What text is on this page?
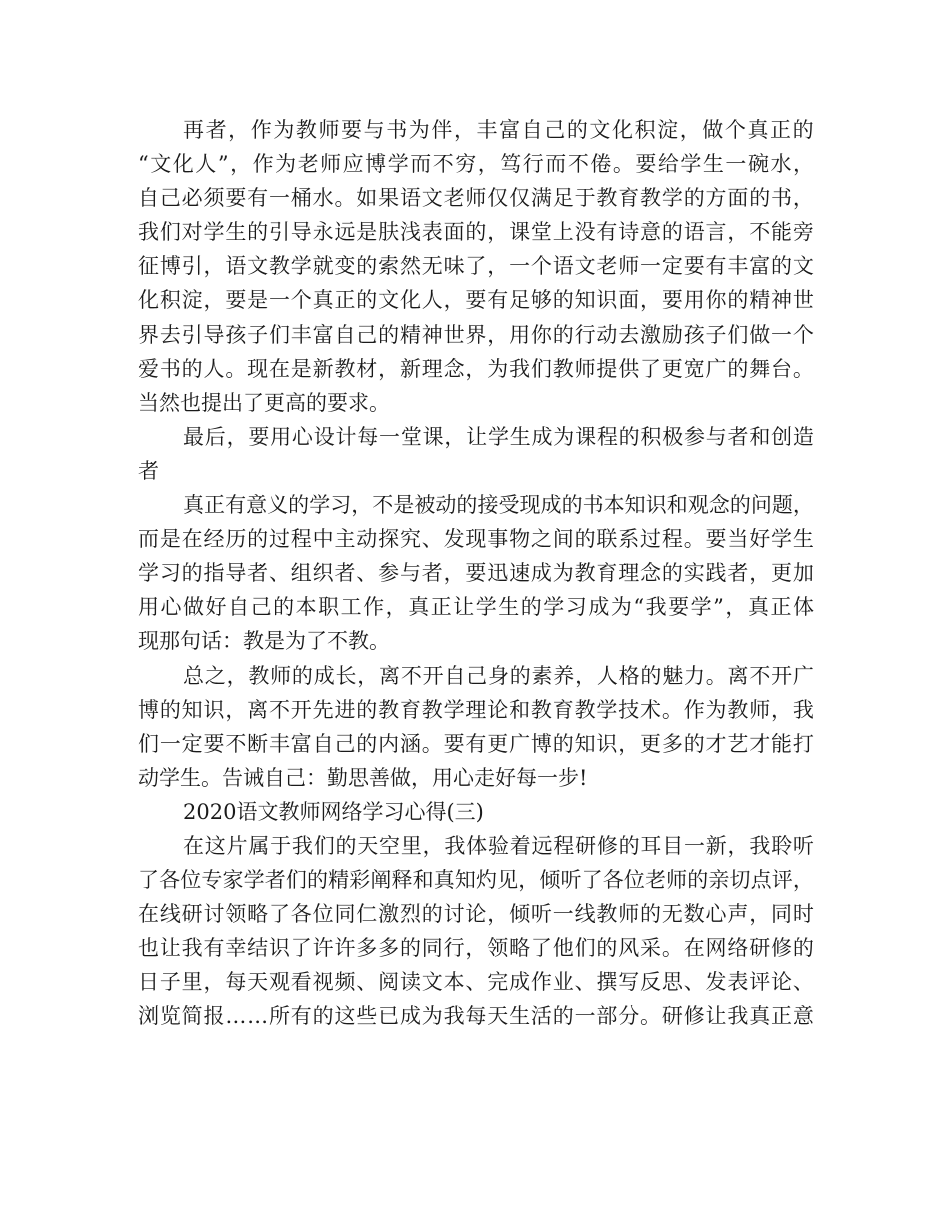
再 者 ， 作 为 教 师 要 与 书 为 伴 ， 丰 富 自 己 的 文 化 积 淀 ， 做 个 真 正 的
“ 文 化 人 ” ， 作 为 老 师 应 博 学 而 不 穷 ， 笃 行 而 不 倦 。 要 给 学 生 一 碗 水 ，
自 己 必 须 要 有 一 桶 水 。 如 果 语 文 老 师 仅 仅 满 足 于 教 育 教 学 的 方 面 的 书 ，
我 们 对 学 生 的 引 导 永 远 是 肤 浅 表 面 的 ， 课 堂 上 没 有 诗 意 的 语 言 ， 不 能 旁
征 博 引 ， 语 文 教 学 就 变 的 索 然 无 味 了 ， 一 个 语 文 老 师 一 定 要 有 丰 富 的 文
化 积 淀 ， 要 是 一 个 真 正 的 文 化 人 ， 要 有 足 够 的 知 识 面 ， 要 用 你 的 精 神 世
界 去 引 导 孩 子 们 丰 富 自 己 的 精 神 世 界 ， 用 你 的 行 动 去 激 励 孩 子 们 做 一 个
爱 书 的 人 。 现 在 是 新 教 材 ， 新 理 念 ， 为 我 们 教 师 提 供 了 更 宽 广 的 舞 台 。
当然也提出了更高的要求。
最 后 ， 要 用 心 设 计 每 一 堂 课 ， 让 学 生 成 为 课 程 的 积 极 参 与 者 和 创 造
者
真 正 有 意 义 的 学 习 ， 不 是 被 动 的 接 受 现 成 的 书 本 知 识 和 观 念 的 问 题 ，
而 是 在 经 历 的 过 程 中 主 动 探 究 、 发 现 事 物 之 间 的 联 系 过 程 。 要 当 好 学 生
学 习 的 指 导 者 、 组 织 者 、 参 与 者 ， 要 迅 速 成 为 教 育 理 念 的 实 践 者 ， 更 加
用 心 做 好 自 己 的 本 职 工 作 ， 真 正 让 学 生 的 学 习 成 为 “ 我 要 学 ” ， 真 正 体
现那句话：教是为了不教。
总 之 ， 教 师 的 成 长 ， 离 不 开 自 己 身 的 素 养 ， 人 格 的 魅 力 。 离 不 开 广
博 的 知 识 ， 离 不 开 先 进 的 教 育 教 学 理 论 和 教 育 教 学 技 术 。 作 为 教 师 ， 我
们 一 定 要 不 断 丰 富 自 己 的 内 涵 。 要 有 更 广 博 的 知 识 ， 更 多 的 才 艺 才 能 打
动学生。告诫自己：勤思善做，用心走好每一步!
2020语文教师网络学习心得(三)
在 这 片 属 于 我 们 的 天 空 里 ， 我 体 验 着 远 程 研 修 的 耳 目 一 新 ， 我 聆 听
了 各 位 专 家 学 者 们 的 精 彩 阐 释 和 真 知 灼 见 ， 倾 听 了 各 位 老 师 的 亲 切 点 评 ，
在 线 研 讨 领 略 了 各 位 同 仁 激 烈 的 讨 论 ， 倾 听 一 线 教 师 的 无 数 心 声 ， 同 时
也 让 我 有 幸 结 识 了 许 许 多 多 的 同 行 ， 领 略 了 他 们 的 风 采 。 在 网 络 研 修 的
日 子 里 ， 每 天 观 看 视 频 、 阅 读 文 本 、 完 成 作 业 、 撰 写 反 思 、 发 表 评 论 、
浏 览 简 报 … … 所 有 的 这 些 已 成 为 我 每 天 生 活 的 一 部 分 。 研 修 让 我 真 正 意
